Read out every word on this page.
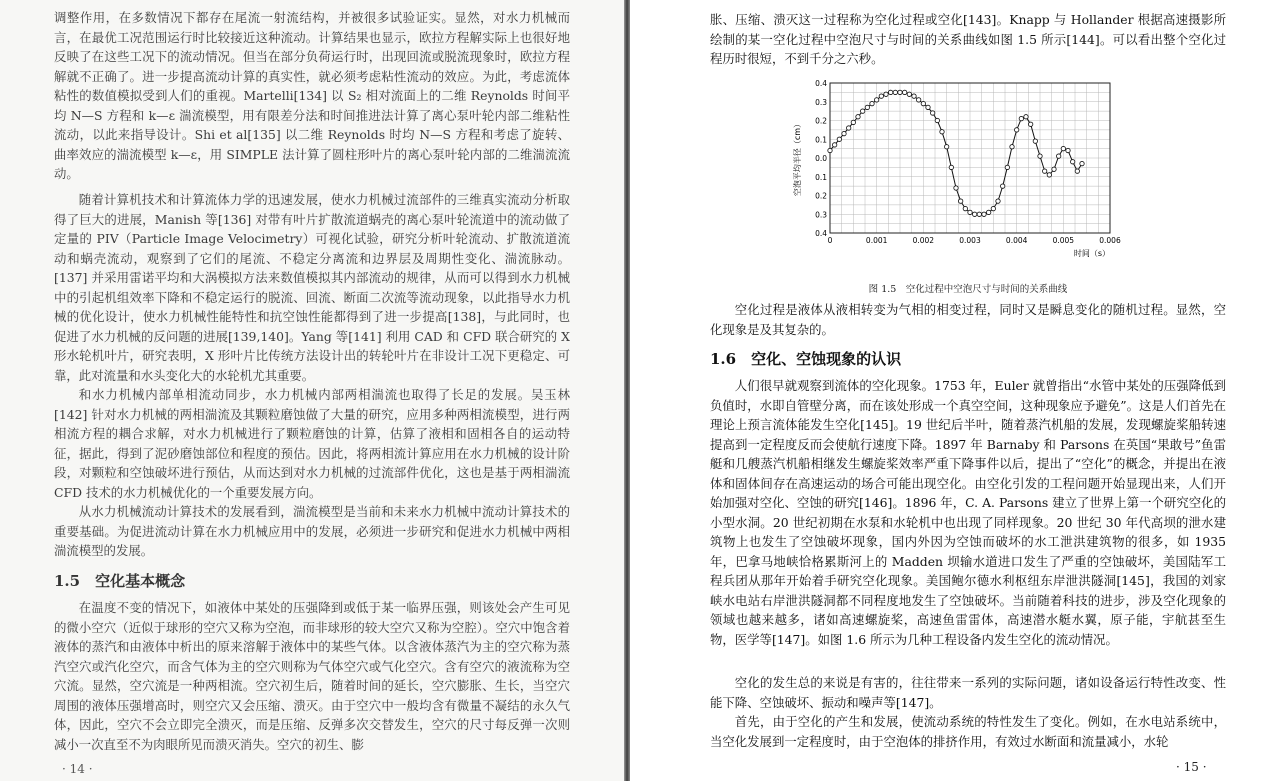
调整作用，在多数情况下都存在尾流一射流结构，并被很多试验证实。显然，对水力机械而言，在最优工况范围运行时比较接近这种流动。计算结果也显示，欧拉方程解实际上也很好地反映了在这些工况下的流动情况。但当在部分负荷运行时，出现回流或脱流现象时，欧拉方程解就不正确了。进一步提高流动计算的真实性，就必须考虑粘性流动的效应。为此，考虑流体粘性的数值模拟受到人们的重视。Martelli[134] 以 S₂ 相对流面上的二维 Reynolds 时间平均 N—S 方程和 k—ε 湍流模型，用有限差分法和时间推进法计算了离心泵叶轮内部二维粘性流动，以此来指导设计。Shi et al[135] 以二维 Reynolds 时均 N—S 方程和考虑了旋转、曲率效应的湍流模型 k—ε，用 SIMPLE 法计算了圆柱形叶片的离心泵叶轮内部的二维湍流流动。

随着计算机技术和计算流体力学的迅速发展，使水力机械过流部件的三维真实流动分析取得了巨大的进展，Manish 等[136] 对带有叶片扩散流道蜗壳的离心泵叶轮流道中的流动做了定量的 PIV（Particle Image Velocimetry）可视化试验，研究分析叶轮流动、扩散流道流动和蜗壳流动，观察到了它们的尾流、不稳定分离流和边界层及周期性变化、湍流脉动。[137] 并采用雷诺平均和大涡模拟方法来数值模拟其内部流动的规律，从而可以得到水力机械中的引起机组效率下降和不稳定运行的脱流、回流、断面二次流等流动现象，以此指导水力机械的优化设计，使水力机械性能特性和抗空蚀性能都得到了进一步提高[138]，与此同时，也促进了水力机械的反问题的进展[139,140]。Yang 等[141] 利用 CAD 和 CFD 联合研究的 X 形水轮机叶片，研究表明，X 形叶片比传统方法设计出的转轮叶片在非设计工况下更稳定、可靠，此对流量和水头变化大的水轮机尤其重要。

和水力机械内部单相流动同步，水力机械内部两相湍流也取得了长足的发展。吴玉林[142] 针对水力机械的两相湍流及其颗粒磨蚀做了大量的研究，应用多种两相流模型，进行两相流方程的耦合求解，对水力机械进行了颗粒磨蚀的计算，估算了液相和固相各自的运动特征，据此，得到了泥砂磨蚀部位和程度的预估。因此，将两相流计算应用在水力机械的设计阶段，对颗粒和空蚀破坏进行预估，从而达到对水力机械的过流部件优化，这也是基于两相湍流 CFD 技术的水力机械优化的一个重要发展方向。

从水力机械流动计算技术的发展看到，湍流模型是当前和未来水力机械中流动计算技术的重要基础。为促进流动计算在水力机械应用中的发展，必须进一步研究和促进水力机械中两相湍流模型的发展。

1.5　空化基本概念

在温度不变的情况下，如液体中某处的压强降到或低于某一临界压强，则该处会产生可见的微小空穴（近似于球形的空穴又称为空泡，而非球形的较大空穴又称为空腔）。空穴中饱含着液体的蒸汽和由液体中析出的原来溶解于液体中的某些气体。以含液体蒸汽为主的空穴称为蒸汽空穴或汽化空穴，而含气体为主的空穴则称为气体空穴或气化空穴。含有空穴的液流称为空穴流。显然，空穴流是一种两相流。空穴初生后，随着时间的延长，空穴膨胀、生长，当空穴周围的液体压强增高时，则空穴又会压缩、溃灭。由于空穴中一般均含有微量不凝结的永久气体，因此，空穴不会立即完全溃灭，而是压缩、反弹多次交替发生，空穴的尺寸每反弹一次则减小一次直至不为肉眼所见而溃灭消失。空穴的初生、膨

· 14 ·

胀、压缩、溃灭这一过程称为空化过程或空化[143]。Knapp 与 Hollander 根据高速摄影所绘制的某一空化过程中空泡尺寸与时间的关系曲线如图 1.5 所示[144]。可以看出整个空化过程历时很短，不到千分之六秒。

0.4
0.3
0.2
0.1
0.0
0.1
0.2
0.3
0.4
0	0.001	0.002	0.003	0.004	0.005	0.006
空泡平均半径（cm）
时间（s）

图 1.5　空化过程中空泡尺寸与时间的关系曲线

空化过程是液体从液相转变为气相的相变过程，同时又是瞬息变化的随机过程。显然，空化现象是及其复杂的。

1.6　空化、空蚀现象的认识

人们很早就观察到流体的空化现象。1753 年，Euler 就曾指出“水管中某处的压强降低到负值时，水即自管壁分离，而在该处形成一个真空空间，这种现象应予避免”。这是人们首先在理论上预言流体能发生空化[145]。19 世纪后半叶，随着蒸汽机船的发展，发现螺旋桨船转速提高到一定程度反而会使航行速度下降。1897 年 Barnaby 和 Parsons 在英国“果敢号”鱼雷艇和几艘蒸汽机船相继发生螺旋桨效率严重下降事件以后，提出了“空化”的概念，并提出在液体和固体间存在高速运动的场合可能出现空化。由空化引发的工程问题开始显现出来，人们开始加强对空化、空蚀的研究[146]。1896 年，C. A. Parsons 建立了世界上第一个研究空化的小型水洞。20 世纪初期在水泵和水轮机中也出现了同样现象。20 世纪 30 年代高坝的泄水建筑物上也发生了空蚀破坏现象，国内外因为空蚀而破坏的水工泄洪建筑物的很多，如 1935 年，巴拿马地峡恰格累斯河上的 Madden 坝输水道进口发生了严重的空蚀破坏，美国陆军工程兵团从那年开始着手研究空化现象。美国鲍尔德水利枢纽东岸泄洪隧洞[145]，我国的刘家峡水电站右岸泄洪隧洞都不同程度地发生了空蚀破坏。当前随着科技的进步，涉及空化现象的领域也越来越多，诸如高速螺旋桨，高速鱼雷雷体，高速潜水艇水翼，原子能，宇航甚至生物，医学等[147]。如图 1.6 所示为几种工程设备内发生空化的流动情况。

空化的发生总的来说是有害的，往往带来一系列的实际问题，诸如设备运行特性改变、性能下降、空蚀破坏、振动和噪声等[147]。

首先，由于空化的产生和发展，使流动系统的特性发生了变化。例如，在水电站系统中，当空化发展到一定程度时，由于空泡体的排挤作用，有效过水断面和流量减小，水轮

· 15 ·
